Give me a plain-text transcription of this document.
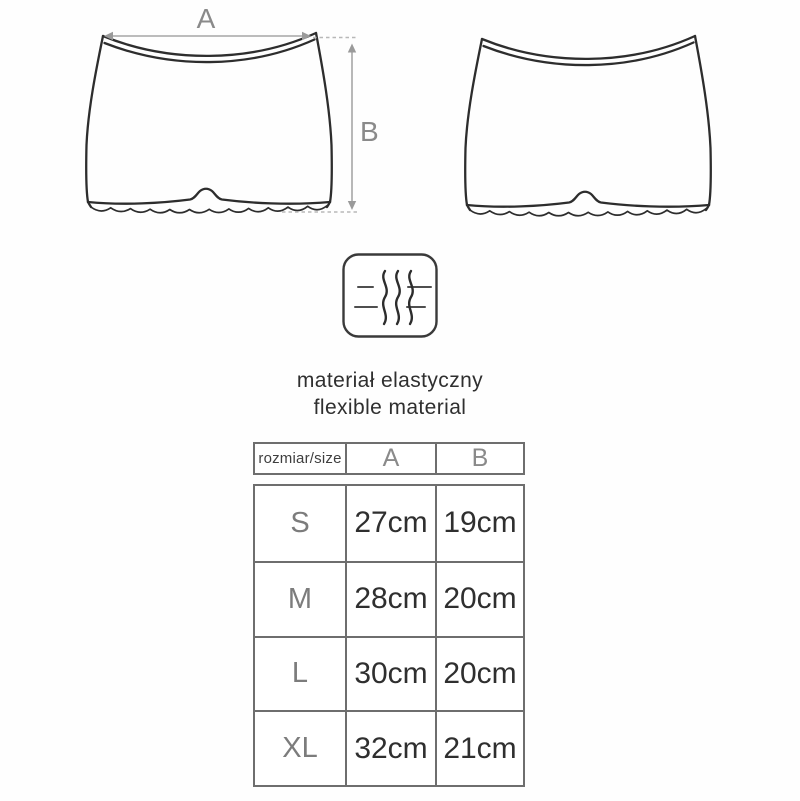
A
B
materiał elastyczny
flexible material
rozmiar/size	A	B
S	27cm 19cm
M	28cm 20cm
L	30cm 20cm
XL	32cm 21cm
